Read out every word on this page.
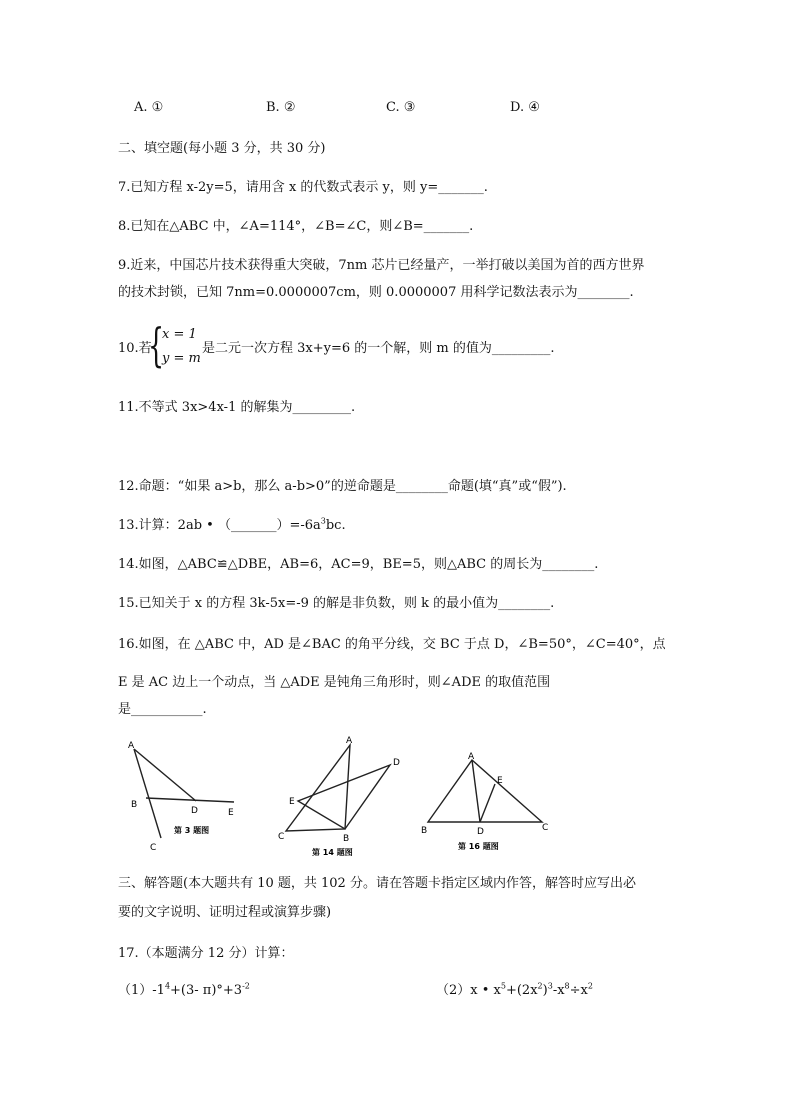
A. ①	B. ②	C. ③	D. ④
二、填空题(每小题 3 分，共 30 分)
7.已知方程 x-2y=5，请用含 x 的代数式表示 y，则 y=_______.
8.已知在△ABC 中，∠A=114°，∠B=∠C，则∠B=_______.
9.近来，中国芯片技术获得重大突破，7nm 芯片已经量产，一举打破以美国为首的西方世界
的技术封锁，已知 7nm=0.0000007cm，则 0.0000007 用科学记数法表示为________.
10.若
{
x = 1
y = m
是二元一次方程 3x+y=6 的一个解，则 m 的值为_________.
11.不等式 3x>4x-1 的解集为_________.
12.命题：“如果 a>b，那么 a-b>0”的逆命题是________命题(填“真”或“假”).
13.计算：2ab • $(\_\_\_\_\_\_\_)=-6a^3bc$.
14.如图，△ABC≌△DBE，AB=6，AC=9，BE=5，则△ABC 的周长为________.
15.已知关于 x 的方程 3k-5x=-9 的解是非负数，则 k 的最小值为________.
16.如图，在 △ABC 中，AD 是∠BAC 的角平分线，交 BC 于点 D，∠B=50°，∠C=40°，点
E 是 AC 边上一个动点，当 △ADE 是钝角三角形时，则∠ADE 的取值范围
是___________.
A
B
D	E
C
第 3 题图
A
D
E
C	B
第 14 题图
A
E
B	D	C
第 16 题图
三、解答题(本大题共有 10 题，共 102 分。请在答题卡指定区域内作答，解答时应写出必
要的文字说明、证明过程或演算步骤)
17.（本题满分 12 分）计算：
$(1)-1^4+(3-$ $\pi)^\circ+3^{-2}$	（2）x • $x^5+(2x^2)^3-x^8\div x^2$
